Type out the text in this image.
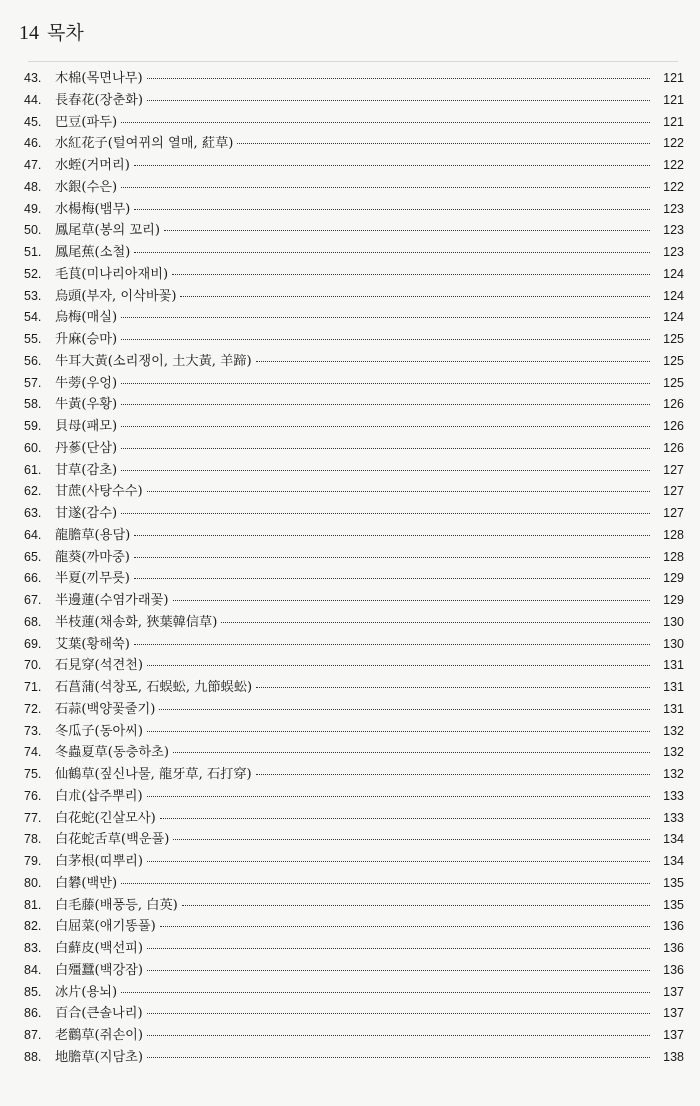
14 목차
43.	木棉(목면나무)	121
44.	長春花(장춘화)	121
45.	巴豆(파두)	121
46.	水紅花子(털여뀌의 열매, 葒草)	122
47.	水蛭(거머리)	122
48.	水銀(수은)	122
49.	水楊梅(뱀무)	123
50.	鳳尾草(봉의 꼬리)	123
51.	鳳尾蕉(소철)	123
52.	毛茛(미나리아재비)	124
53.	烏頭(부자, 이삭바꽃)	124
54.	烏梅(매실)	124
55.	升麻(승마)	125
56.	牛耳大黃(소리쟁이, 土大黃, 羊蹄)	125
57.	牛蒡(우엉)	125
58.	牛黃(우황)	126
59.	貝母(패모)	126
60.	丹蔘(단삼)	126
61.	甘草(감초)	127
62.	甘蔗(사탕수수)	127
63.	甘遂(감수)	127
64.	龍膽草(용담)	128
65.	龍葵(까마중)	128
66.	半夏(끼무릇)	129
67.	半邊蓮(수염가래꽃)	129
68.	半枝蓮(채송화, 狹葉韓信草)	130
69.	艾葉(황해쑥)	130
70.	石見穿(석견천)	131
71.	石菖蒲(석창포, 石蜈蚣, 九節蜈蚣)	131
72.	石蒜(백양꽃줄기)	131
73.	冬瓜子(동아씨)	132
74.	冬蟲夏草(동충하초)	132
75.	仙鶴草(짚신나물, 龍牙草, 石打穿)	132
76.	白朮(삽주뿌리)	133
77.	白花蛇(긴살모사)	133
78.	白花蛇舌草(백운풀)	134
79.	白茅根(띠뿌리)	134
80.	白礬(백반)	135
81.	白毛藤(배풍등, 白英)	135
82.	白屈菜(애기똥풀)	136
83.	白蘚皮(백선피)	136
84.	白殭蠶(백강잠)	136
85.	冰片(용뇌)	137
86.	百合(큰솔나리)	137
87.	老鸛草(쥐손이)	137
88.	地膽草(지담초)	138
